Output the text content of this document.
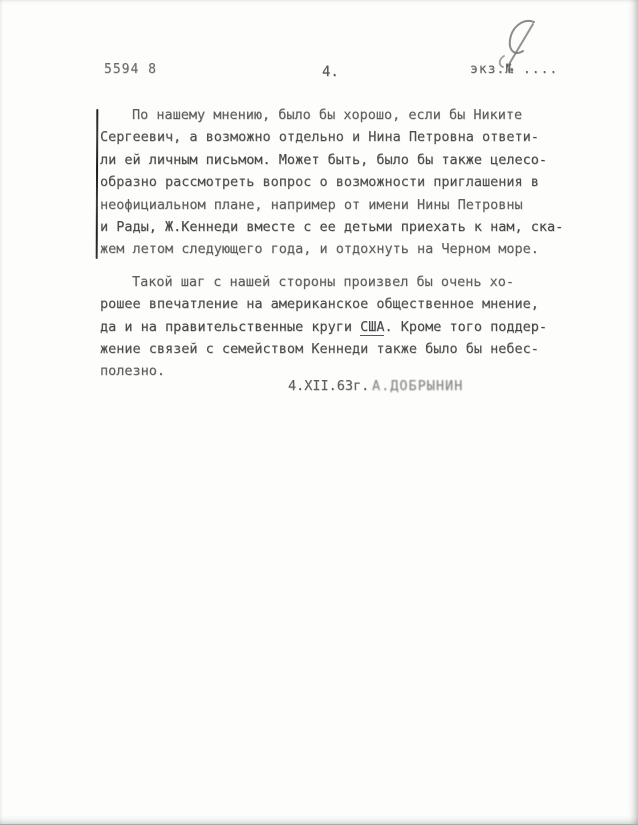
5594 8	4.	экз.№ ....
По нашему мнению, было бы хорошо, если бы Никите
Сергеевич, а возможно отдельно и Нина Петровна ответи-
ли ей личным письмом. Может быть, было бы также целесо-
образно рассмотреть вопрос о возможности приглашения в
неофициальном плане, например от имени Нины Петровны
и Рады, Ж.Кеннеди вместе с ее детьми приехать к нам, ска-
жем летом следующего года, и отдохнуть на Черном море.
Такой шаг с нашей стороны произвел бы очень хо-
рошее впечатление на американское общественное мнение,
да и на правительственные круги США. Кроме того поддер-
жение связей с семейством Кеннеди также было бы небес-
полезно.
4.XII.63г. А.ДОБРЫНИН
